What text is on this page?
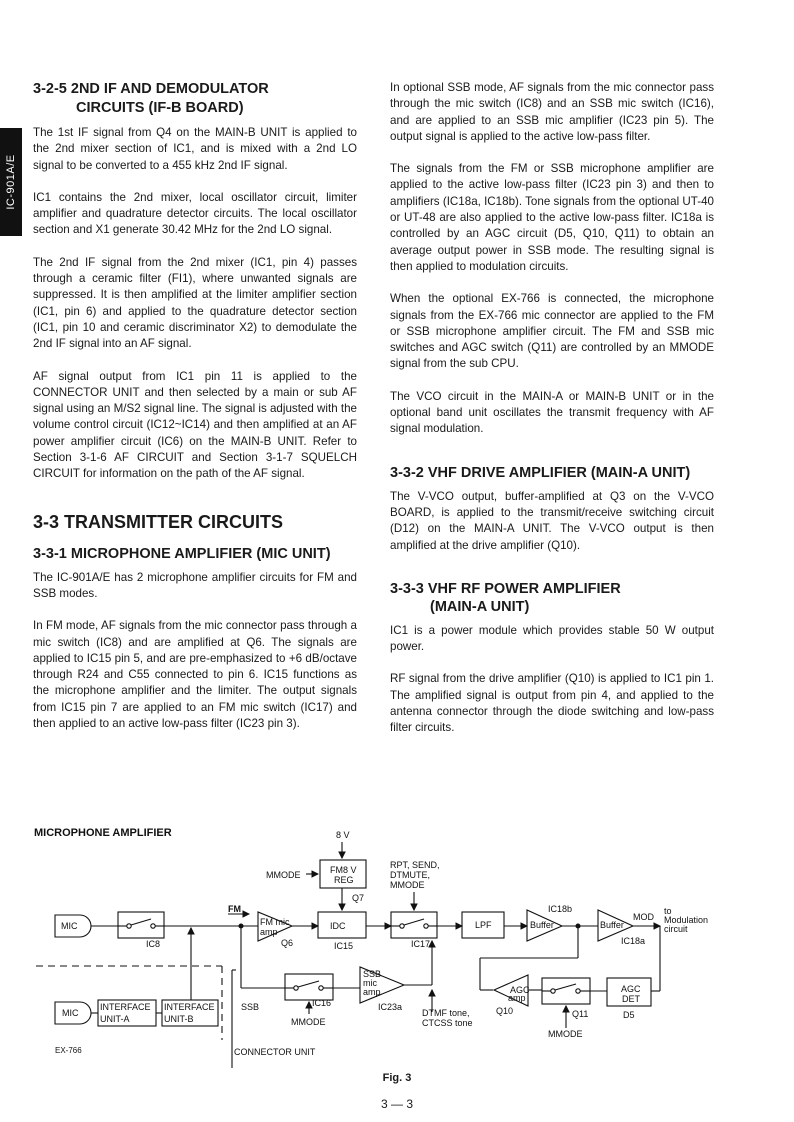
IC-901A/E
3-2-5 2ND IF AND DEMODULATOR
CIRCUITS (IF-B BOARD)

The 1st IF signal from Q4 on the MAIN-B UNIT is applied to the 2nd mixer section of IC1, and is mixed with a 2nd LO signal to be converted to a 455 kHz 2nd IF signal.

IC1 contains the 2nd mixer, local oscillator circuit, limiter amplifier and quadrature detector circuits. The local oscillator section and X1 generate 30.42 MHz for the 2nd LO signal.

The 2nd IF signal from the 2nd mixer (IC1, pin 4) passes through a ceramic filter (FI1), where unwanted signals are suppressed. It is then amplified at the limiter amplifier section (IC1, pin 6) and applied to the quadrature detector section (IC1, pin 10 and ceramic discriminator X2) to demodulate the 2nd IF signal into an AF signal.

AF signal output from IC1 pin 11 is applied to the CONNECTOR UNIT and then selected by a main or sub AF signal using an M/S2 signal line. The signal is adjusted with the volume control circuit (IC12~IC14) and then amplified at an AF power amplifier circuit (IC6) on the MAIN-B UNIT. Refer to Section 3-1-6 AF CIRCUIT and Section 3-1-7 SQUELCH CIRCUIT for information on the path of the AF signal.

3-3 TRANSMITTER CIRCUITS
3-3-1 MICROPHONE AMPLIFIER (MIC UNIT)

The IC-901A/E has 2 microphone amplifier circuits for FM and SSB modes.

In FM mode, AF signals from the mic connector pass through a mic switch (IC8) and are amplified at Q6. The signals are applied to IC15 pin 5, and are pre-emphasized to +6 dB/octave through R24 and C55 connected to pin 6. IC15 functions as the microphone amplifier and the limiter. The output signals from IC15 pin 7 are applied to an FM mic switch (IC17) and then applied to an active low-pass filter (IC23 pin 3).

In optional SSB mode, AF signals from the mic connector pass through the mic switch (IC8) and an SSB mic switch (IC16), and are applied to an SSB mic amplifier (IC23 pin 5). The output signal is applied to the active low-pass filter.

The signals from the FM or SSB microphone amplifier are applied to the active low-pass filter (IC23 pin 3) and then to amplifiers (IC18a, IC18b). Tone signals from the optional UT-40 or UT-48 are also applied to the active low-pass filter. IC18a is controlled by an AGC circuit (D5, Q10, Q11) to obtain an average output power in SSB mode. The resulting signal is then applied to modulation circuits.

When the optional EX-766 is connected, the microphone signals from the EX-766 mic connector are applied to the FM or SSB microphone amplifier circuit. The FM and SSB mic switches and AGC switch (Q11) are controlled by an MMODE signal from the sub CPU.

The VCO circuit in the MAIN-A or MAIN-B UNIT or in the optional band unit oscillates the transmit frequency with AF signal modulation.

3-3-2 VHF DRIVE AMPLIFIER (MAIN-A UNIT)

The V-VCO output, buffer-amplified at Q3 on the V-VCO BOARD, is applied to the transmit/receive switching circuit (D12) on the MAIN-A UNIT. The V-VCO output is then amplified at the drive amplifier (Q10).

3-3-3 VHF RF POWER AMPLIFIER
(MAIN-A UNIT)

IC1 is a power module which provides stable 50 W output power.

RF signal from the drive amplifier (Q10) is applied to IC1 pin 1. The amplified signal is output from pin 4, and applied to the antenna connector through the diode switching and low-pass filter circuits.

MICROPHONE AMPLIFIER	8 V
MMODE	FM8 V
REG
Q7
RPT, SEND,
DTMUTE,
MMODE
FM
MIC
IC8
FM mic
amp
Q6
IDC
IC15	IC17
LPF
IC18b
Buffer	Buffer
MOD
to
Modulation
circuit
IC18a
SSB
mic
amp
IC23a
SSB	IC16
MMODE
DTMF tone,
CTCSS tone
AGC
amp
Q10	Q11
AGC
DET
D5
MMODE
MIC
INTERFACE
UNIT-A
INTERFACE
UNIT-B
EX-766	CONNECTOR UNIT
Fig. 3
3 — 3
